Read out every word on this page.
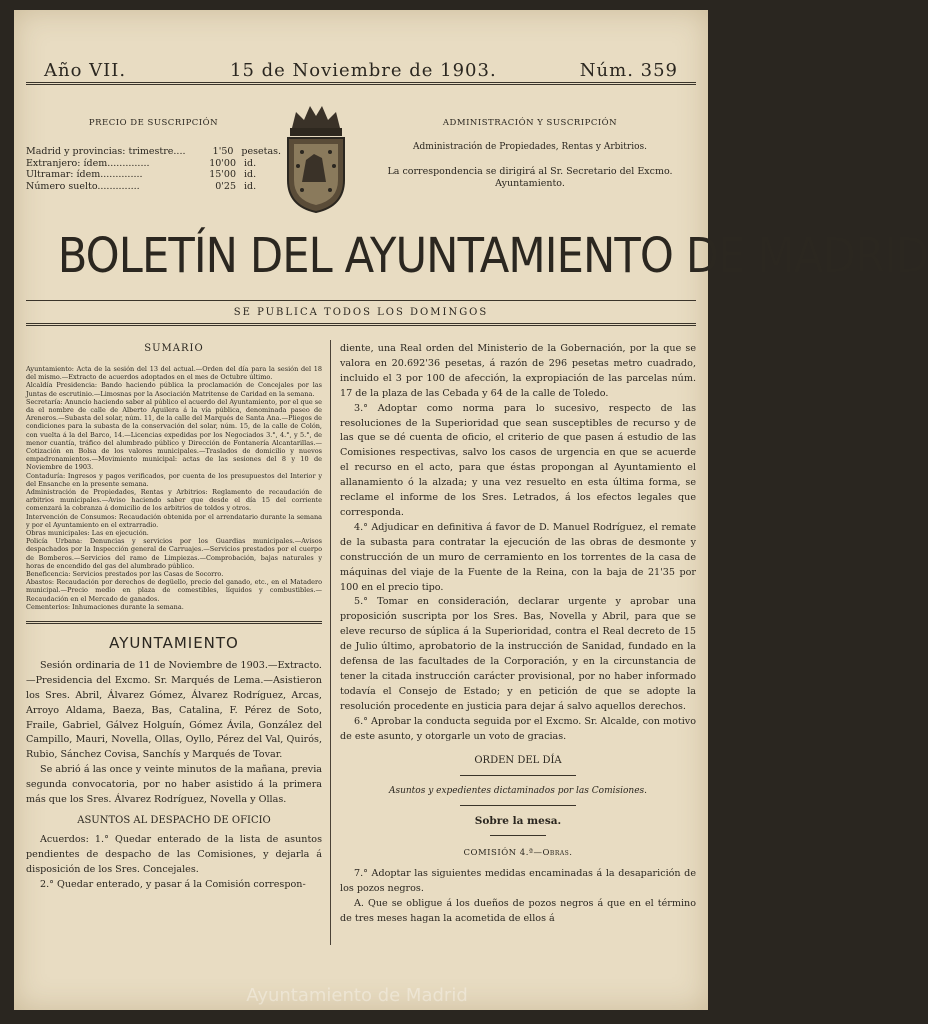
Año VII.	15 de Noviembre de 1903.	Núm. 359
PRECIO DE SUSCRIPCIÓN
Madrid y provincias: trimestre....	1'50 pesetas.
Extranjero: ídem..............	10'00 id.
Ultramar: ídem..............	15'00 id.
Número suelto..............	0'25 id.
ADMINISTRACIÓN Y SUSCRIPCIÓN
Administración de Propiedades, Rentas y Arbitrios.
La correspondencia se dirigirá al Sr. Secretario del Excmo. Ayuntamiento.
BOLETÍN DEL AYUNTAMIENTO DE MADRID
SE PUBLICA TODOS LOS DOMINGOS
SUMARIO

Ayuntamiento: Acta de la sesión del 13 del actual.—Orden del día para la sesión del 18 del mismo.—Extracto de acuerdos adoptados en el mes de Octubre último.

Alcaldía Presidencia: Bando haciendo pública la proclamación de Concejales por las Juntas de escrutinio.—Limosnas por la Asociación Matritense de Caridad en la semana.

Secretaría: Anuncio haciendo saber al público el acuerdo del Ayuntamiento, por el que se da el nombre de calle de Alberto Aguilera á la vía pública, denominada paseo de Areneros.—Subasta del solar, núm. 11, de la calle del Marqués de Santa Ana.—Pliegos de condiciones para la subasta de la conservación del solar, núm. 15, de la calle de Colón, con vuelta á la del Barco, 14.—Licencias expedidas por los Negociados 3.°, 4.°, y 5.°, de menor cuantía, tráfico del alumbrado público y Dirección de Fontanería Alcantarillas.—Cotización en Bolsa de los valores municipales.—Traslados de domicilio y nuevos empadronamientos.—Movimiento municipal: actas de las sesiones del 8 y 10 de Noviembre de 1903.

Contaduría: Ingresos y pagos verificados, por cuenta de los presupuestos del Interior y del Ensanche en la presente semana.

Administración de Propiedades, Rentas y Arbitrios: Reglamento de recaudación de arbitrios municipales.—Aviso haciendo saber que desde el día 15 del corriente comenzará la cobranza á domicilio de los arbitrios de toldos y otros.

Intervención de Consumos: Recaudación obtenida por el arrendatario durante la semana y por el Ayuntamiento en el extrarradio.

Obras municipales: Las en ejecución.

Policía Urbana: Denuncias y servicios por los Guardias municipales.—Avisos despachados por la Inspección general de Carruajes.—Servicios prestados por el cuerpo de Bomberos.—Servicios del ramo de Limpiezas.—Comprobación, bajas naturales y horas de encendido del gas del alumbrado público.

Beneficencia: Servicios prestados por las Casas de Socorro.

Abastos: Recaudación por derechos de degüello, precio del ganado, etc., en el Matadero municipal.—Precio medio en plaza de comestibles, líquidos y combustibles.—Recaudación en el Mercado de ganados.

Cementerios: Inhumaciones durante la semana.

AYUNTAMIENTO

Sesión ordinaria de 11 de Noviembre de 1903.—Extracto.—Presidencia del Excmo. Sr. Marqués de Lema.—Asistieron los Sres. Abril, Álvarez Gómez, Álvarez Rodríguez, Arcas, Arroyo Aldama, Baeza, Bas, Catalina, F. Pérez de Soto, Fraile, Gabriel, Gálvez Holguín, Gómez Ávila, González del Campillo, Mauri, Novella, Ollas, Oyllo, Pérez del Val, Quirós, Rubio, Sánchez Covisa, Sanchís y Marqués de Tovar.

Se abrió á las once y veinte minutos de la mañana, previa segunda convocatoria, por no haber asistido á la primera más que los Sres. Álvarez Rodríguez, Novella y Ollas.

ASUNTOS AL DESPACHO DE OFICIO

Acuerdos: 1.° Quedar enterado de la lista de asuntos pendientes de despacho de las Comisiones, y dejarla á disposición de los Sres. Concejales.

2.° Quedar enterado, y pasar á la Comisión correspon-

diente, una Real orden del Ministerio de la Gobernación, por la que se valora en 20.692'36 pesetas, á razón de 296 pesetas metro cuadrado, incluido el 3 por 100 de afección, la expropiación de las parcelas núm. 17 de la plaza de las Cebada y 64 de la calle de Toledo.

3.° Adoptar como norma para lo sucesivo, respecto de las resoluciones de la Superioridad que sean susceptibles de recurso y de las que se dé cuenta de oficio, el criterio de que pasen á estudio de las Comisiones respectivas, salvo los casos de urgencia en que se acuerde el recurso en el acto, para que éstas propongan al Ayuntamiento el allanamiento ó la alzada; y una vez resuelto en esta última forma, se reclame el informe de los Sres. Letrados, á los efectos legales que corresponda.

4.° Adjudicar en definitiva á favor de D. Manuel Rodríguez, el remate de la subasta para contratar la ejecución de las obras de desmonte y construcción de un muro de cerramiento en los torrentes de la casa de máquinas del viaje de la Fuente de la Reina, con la baja de 21'35 por 100 en el precio tipo.

5.° Tomar en consideración, declarar urgente y aprobar una proposición suscripta por los Sres. Bas, Novella y Abril, para que se eleve recurso de súplica á la Superioridad, contra el Real decreto de 15 de Julio último, aprobatorio de la instrucción de Sanidad, fundado en la defensa de las facultades de la Corporación, y en la circunstancia de tener la citada instrucción carácter provisional, por no haber informado todavía el Consejo de Estado; y en petición de que se adopte la resolución procedente en justicia para dejar á salvo aquellos derechos.

6.° Aprobar la conducta seguida por el Excmo. Sr. Alcalde, con motivo de este asunto, y otorgarle un voto de gracias.

ORDEN DEL DÍA
Asuntos y expedientes dictaminados por las Comisiones.
Sobre la mesa.
COMISIÓN 4.ª—Obras.

7.° Adoptar las siguientes medidas encaminadas á la desaparición de los pozos negros.

A. Que se obligue á los dueños de pozos negros á que en el término de tres meses hagan la acometida de ellos á

Ayuntamiento de Madrid
